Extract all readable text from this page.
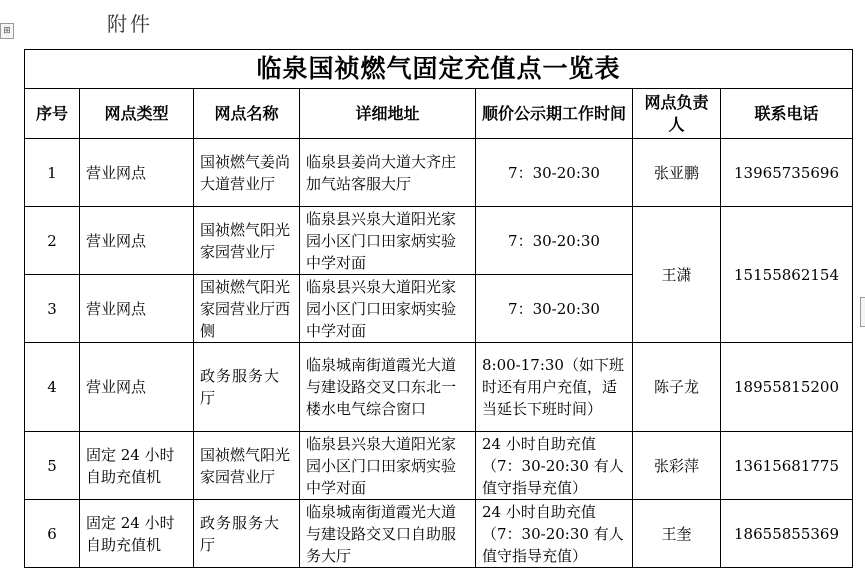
附件
⊞
临泉国祯燃气固定充值点一览表						
序号	网点类型	网点名称	详细地址	顺价公示期工作时间	网点负责人	联系电话
1	营业网点	国祯燃气姜尚大道营业厅	临泉县姜尚大道大齐庄加气站客服大厅	7：30-20:30	张亚鹏	13965735696
2	营业网点	国祯燃气阳光家园营业厅	临泉县兴泉大道阳光家园小区门口田家炳实验中学对面	7：30-20:30	王潇	15155862154
3	营业网点	国祯燃气阳光家园营业厅西侧	临泉县兴泉大道阳光家园小区门口田家炳实验中学对面	7：30-20:30		
4	营业网点	政务服务大厅	临泉城南街道霞光大道与建设路交叉口东北一楼水电气综合窗口	8:00-17:30（如下班时还有用户充值，适当延长下班时间）	陈子龙	18955815200
5	固定 24 小时自助充值机	国祯燃气阳光家园营业厅	临泉县兴泉大道阳光家园小区门口田家炳实验中学对面	24 小时自助充值（7：30-20:30 有人值守指导充值）	张彩萍	13615681775
6	固定 24 小时自助充值机	政务服务大厅	临泉城南街道霞光大道与建设路交叉口自助服务大厅	24 小时自助充值（7：30-20:30 有人值守指导充值）	王奎	18655855369
